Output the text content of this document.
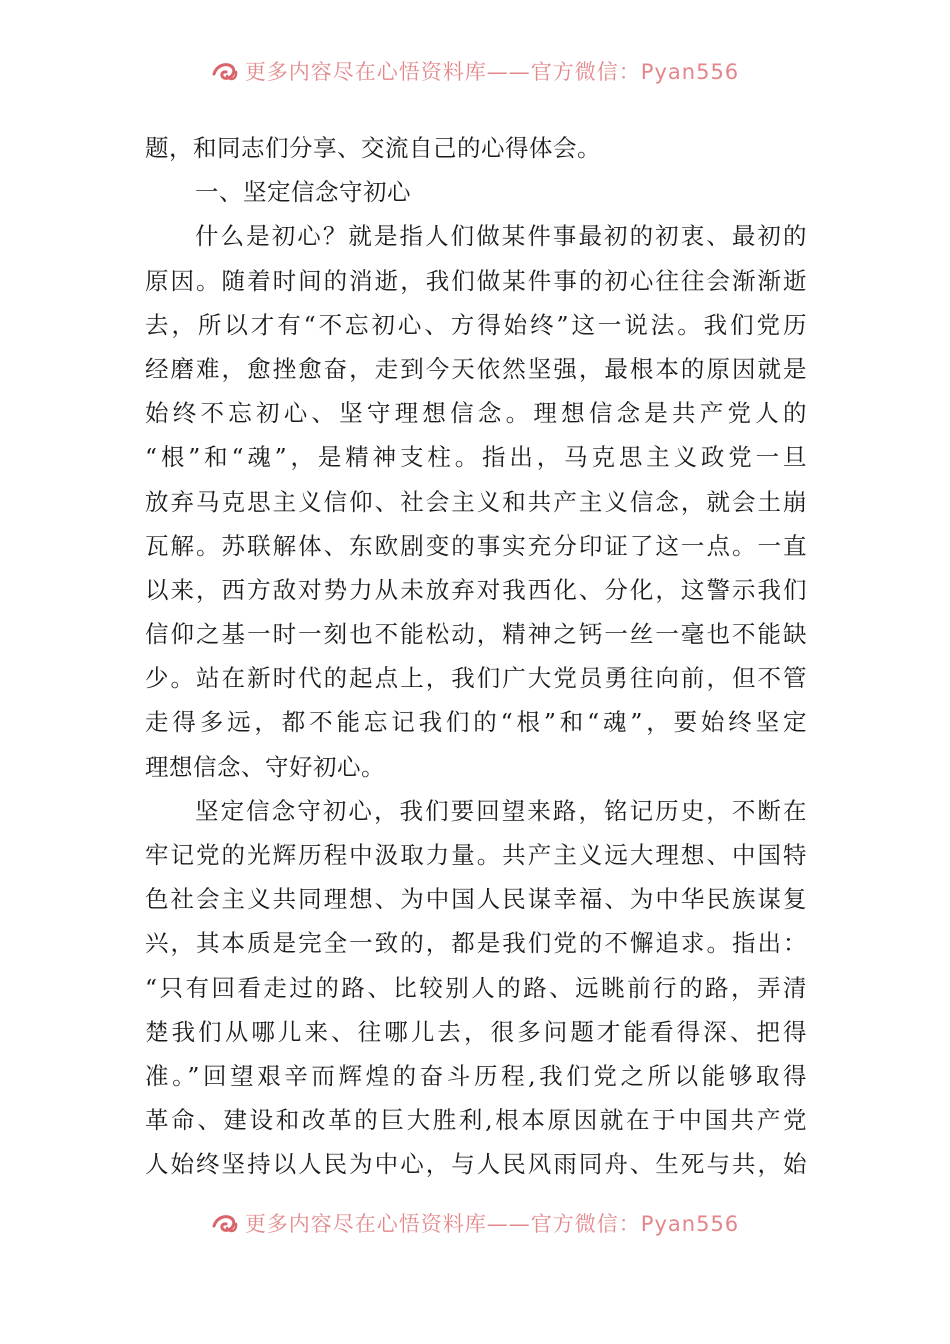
更多内容尽在心悟资料库——官方微信：Pyan556
题，和同志们分享、交流自己的心得体会。
一、坚定信念守初心
什么是初心？就是指人们做某件事最初的初衷、最初的
原因。随着时间的消逝，我们做某件事的初心往往会渐渐逝
去，所以才有“不忘初心、方得始终”这一说法。我们党历
经磨难，愈挫愈奋，走到今天依然坚强，最根本的原因就是
始终不忘初心、坚守理想信念。理想信念是共产党人的
“根”和“魂”，是精神支柱。指出，马克思主义政党一旦
放弃马克思主义信仰、社会主义和共产主义信念，就会土崩
瓦解。苏联解体、东欧剧变的事实充分印证了这一点。一直
以来，西方敌对势力从未放弃对我西化、分化，这警示我们
信仰之基一时一刻也不能松动，精神之钙一丝一毫也不能缺
少。站在新时代的起点上，我们广大党员勇往向前，但不管
走得多远，都不能忘记我们的“根”和“魂”，要始终坚定
理想信念、守好初心。
坚定信念守初心，我们要回望来路，铭记历史，不断在
牢记党的光辉历程中汲取力量。共产主义远大理想、中国特
色社会主义共同理想、为中国人民谋幸福、为中华民族谋复
兴，其本质是完全一致的，都是我们党的不懈追求。指出：
“只有回看走过的路、比较别人的路、远眺前行的路，弄清
楚我们从哪儿来、往哪儿去，很多问题才能看得深、把得
准。”回望艰辛而辉煌的奋斗历程,我们党之所以能够取得
革命、建设和改革的巨大胜利,根本原因就在于中国共产党
人始终坚持以人民为中心，与人民风雨同舟、生死与共，始
更多内容尽在心悟资料库——官方微信：Pyan556
